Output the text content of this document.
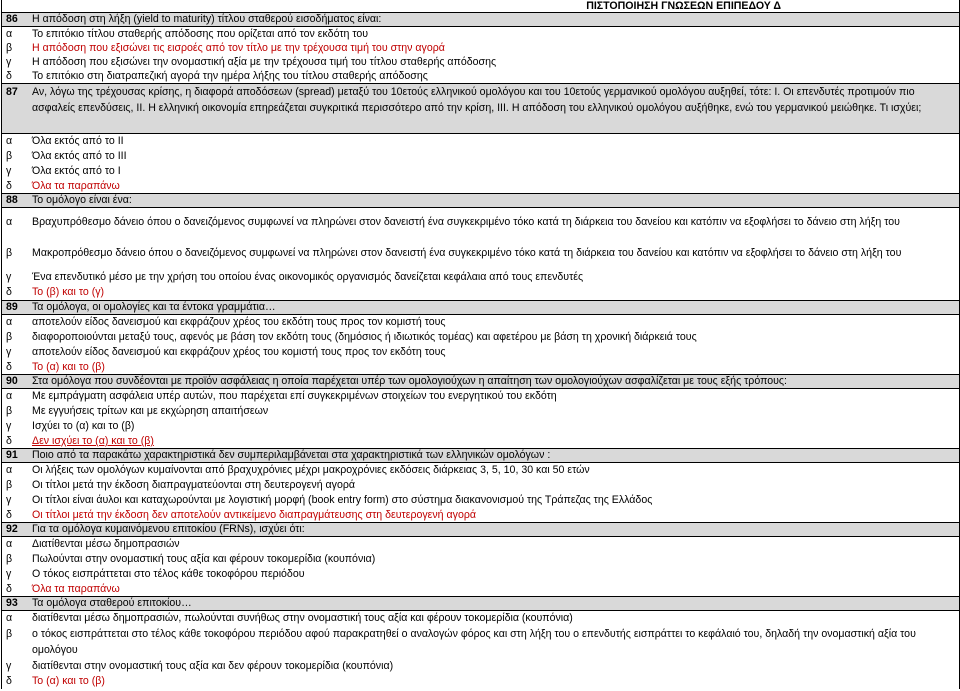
ΠΙΣΤΟΠΟΙΗΣΗ ΓΝΩΣΕΩΝ ΕΠΙΠΕΔΟΥ Δ
86	Η απόδοση στη λήξη (yield to maturity) τίτλου σταθερού εισοδήματος είναι:
α	Το επιτόκιο τίτλου σταθερής απόδοσης που ορίζεται από τον εκδότη του
β	Η απόδοση που εξισώνει τις εισροές από τον τίτλο με την τρέχουσα τιμή του στην αγορά
γ	Η απόδοση που εξισώνει την ονομαστική αξία με την τρέχουσα τιμή του τίτλου σταθερής απόδοσης
δ	Το επιτόκιο στη διατραπεζική αγορά την ημέρα λήξης του τίτλου σταθερής απόδοσης
87	Αν, λόγω της τρέχουσας κρίσης, η διαφορά αποδόσεων (spread) μεταξύ του 10ετούς ελληνικού ομολόγου και του 10ετούς γερμανικού ομολόγου αυξηθεί, τότε: Ι. Οι επενδυτές προτιμούν πιο ασφαλείς επενδύσεις, ΙΙ. Η ελληνική οικονομία επηρεάζεται συγκριτικά περισσότερο από την κρίση, ΙΙΙ. Η απόδοση του ελληνικού ομολόγου αυξήθηκε, ενώ του γερμανικού μειώθηκε. Τι ισχύει;
α	Όλα εκτός από το ΙΙ
β	Όλα εκτός από το ΙΙΙ
γ	Όλα εκτός από το Ι
δ	Όλα τα παραπάνω
88	Το ομόλογο είναι ένα:
α	Βραχυπρόθεσμο δάνειο όπου ο δανειζόμενος συμφωνεί να πληρώνει στον δανειστή ένα συγκεκριμένο τόκο κατά τη διάρκεια του δανείου και κατόπιν να εξοφλήσει το δάνειο στη λήξη του
β	Μακροπρόθεσμο δάνειο όπου ο δανειζόμενος συμφωνεί να πληρώνει στον δανειστή ένα συγκεκριμένο τόκο κατά τη διάρκεια του δανείου και κατόπιν να εξοφλήσει το δάνειο στη λήξη του
γ	Ένα επενδυτικό μέσο με την χρήση του οποίου ένας οικονομικός οργανισμός δανείζεται κεφάλαια από τους επενδυτές
δ	Το (β) και το (γ)
89	Τα ομόλογα, οι ομολογίες και τα έντοκα γραμμάτια…
α	αποτελούν είδος δανεισμού και εκφράζουν χρέος του εκδότη τους προς τον κομιστή τους
β	διαφοροποιούνται μεταξύ τους, αφενός με βάση τον εκδότη τους (δημόσιος ή ιδιωτικός τομέας) και αφετέρου με βάση τη χρονική διάρκειά τους
γ	αποτελούν είδος δανεισμού και εκφράζουν χρέος του κομιστή τους προς τον εκδότη τους
δ	Το (α) και το (β)
90	Στα ομόλογα που συνδέονται με προϊόν ασφάλειας η οποία παρέχεται υπέρ των ομολογιούχων η απαίτηση των ομολογιούχων ασφαλίζεται με τους εξής τρόπους:
α	Με εμπράγματη ασφάλεια υπέρ αυτών, που παρέχεται επί συγκεκριμένων στοιχείων του ενεργητικού του εκδότη
β	Με εγγυήσεις τρίτων και με εκχώρηση απαιτήσεων
γ	Ισχύει το (α) και το (β)
δ	Δεν ισχύει το (α) και το (β)
91	Ποιο από τα παρακάτω χαρακτηριστικά δεν συμπεριλαμβάνεται στα χαρακτηριστικά των ελληνικών ομολόγων :
α	Οι λήξεις των ομολόγων κυμαίνονται από βραχυχρόνιες μέχρι μακροχρόνιες εκδόσεις διάρκειας 3, 5, 10, 30 και 50 ετών
β	Οι τίτλοι μετά την έκδοση διαπραγματεύονται στη δευτερογενή αγορά
γ	Οι τίτλοι είναι άυλοι και καταχωρούνται με λογιστική μορφή (book entry form) στο σύστημα διακανονισμού της Τράπεζας της Ελλάδος
δ	Οι τίτλοι μετά την έκδοση δεν αποτελούν αντικείμενο διαπραγμάτευσης στη δευτερογενή αγορά
92	Για τα ομόλογα κυμαινόμενου επιτοκίου (FRNs), ισχύει ότι:
α	Διατίθενται μέσω δημοπρασιών
β	Πωλούνται στην ονομαστική τους αξία και φέρουν τοκομερίδια (κουπόνια)
γ	Ο τόκος εισπράττεται στο τέλος κάθε τοκοφόρου περιόδου
δ	Όλα τα παραπάνω
93	Τα ομόλογα σταθερού επιτοκίου…
α	διατίθενται μέσω δημοπρασιών, πωλούνται συνήθως στην ονομαστική τους αξία και φέρουν τοκομερίδια (κουπόνια)
β	ο τόκος εισπράττεται στο τέλος κάθε τοκοφόρου περιόδου αφού παρακρατηθεί ο αναλογών φόρος και στη λήξη του ο επενδυτής εισπράττει το κεφάλαιό του, δηλαδή την ονομαστική αξία του ομολόγου
γ	διατίθενται στην ονομαστική τους αξία και δεν φέρουν τοκομερίδια (κουπόνια)
δ	Το (α) και το (β)
